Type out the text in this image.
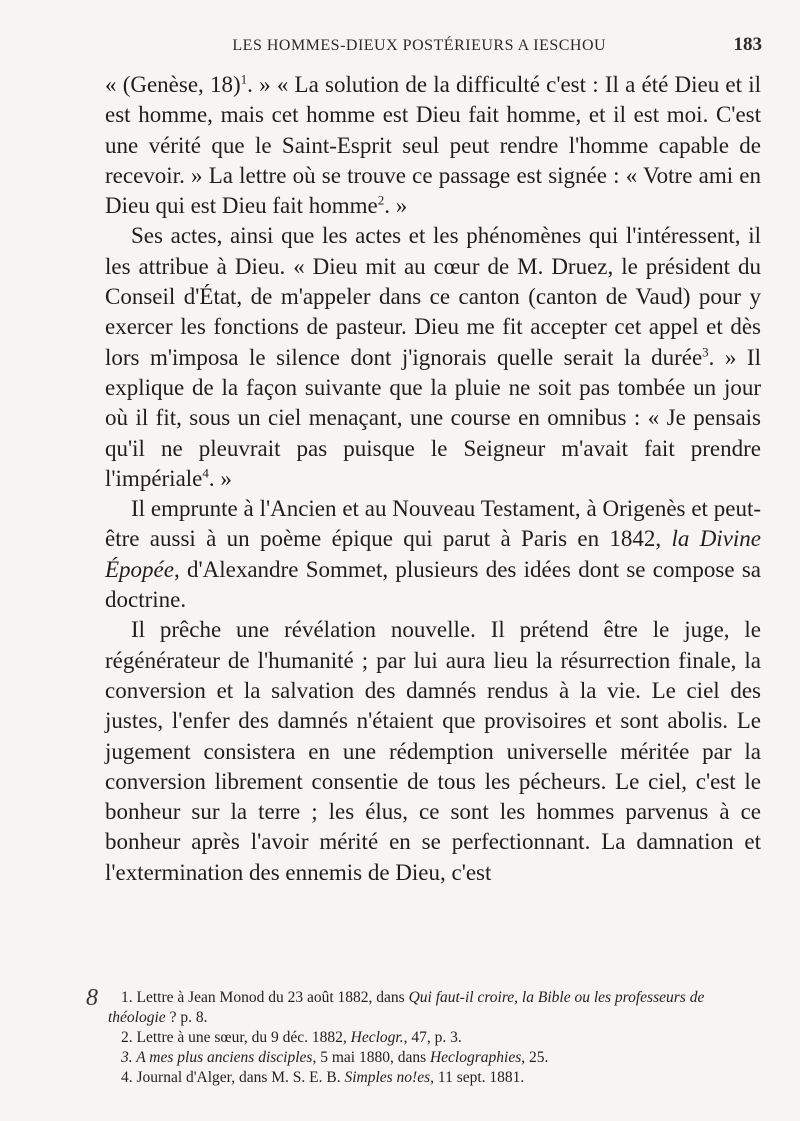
LES HOMMES-DIEUX POSTÉRIEURS A IESCHOU	183

« (Genèse, 18)$^1$. » « La solution de la difficulté c'est : Il a été Dieu et il est homme, mais cet homme est Dieu fait homme, et il est moi. C'est une vérité que le Saint-Esprit seul peut rendre l'homme capable de recevoir. » La lettre où se trouve ce passage est signée : « Votre ami en Dieu qui est Dieu fait homme$^2$. »

Ses actes, ainsi que les actes et les phénomènes qui l'intéressent, il les attribue à Dieu. « Dieu mit au cœur de M. Druez, le président du Conseil d'État, de m'appeler dans ce canton (canton de Vaud) pour y exercer les fonctions de pasteur. Dieu me fit accepter cet appel et dès lors m'imposa le silence dont j'ignorais quelle serait la durée$^3$. » Il explique de la façon suivante que la pluie ne soit pas tombée un jour où il fit, sous un ciel menaçant, une course en omnibus : « Je pensais qu'il ne pleuvrait pas puisque le Seigneur m'avait fait prendre l'impériale$^4$. »

Il emprunte à l'Ancien et au Nouveau Testament, à Origenès et peut-être aussi à un poème épique qui parut à Paris en 1842, la Divine Épopée, d'Alexandre Sommet, plusieurs des idées dont se compose sa doctrine.

Il prêche une révélation nouvelle. Il prétend être le juge, le régénérateur de l'humanité ; par lui aura lieu la résurrection finale, la conversion et la salvation des damnés rendus à la vie. Le ciel des justes, l'enfer des damnés n'étaient que provisoires et sont abolis. Le jugement consistera en une rédemption universelle méritée par la conversion librement consentie de tous les pécheurs. Le ciel, c'est le bonheur sur la terre ; les élus, ce sont les hommes parvenus à ce bonheur après l'avoir mérité en se perfectionnant. La damnation et l'extermination des ennemis de Dieu, c'est

8	1. Lettre à Jean Monod du 23 août 1882, dans Qui faut-il croire, la Bible ou les professeurs de théologie ? p. 8.

2. Lettre à une sœur, du 9 déc. 1882, Heclogr., 47, p. 3.

3. A mes plus anciens disciples, 5 mai 1880, dans Heclographies, 25.

4. Journal d'Alger, dans M. S. E. B. Simples no!es, 11 sept. 1881.
